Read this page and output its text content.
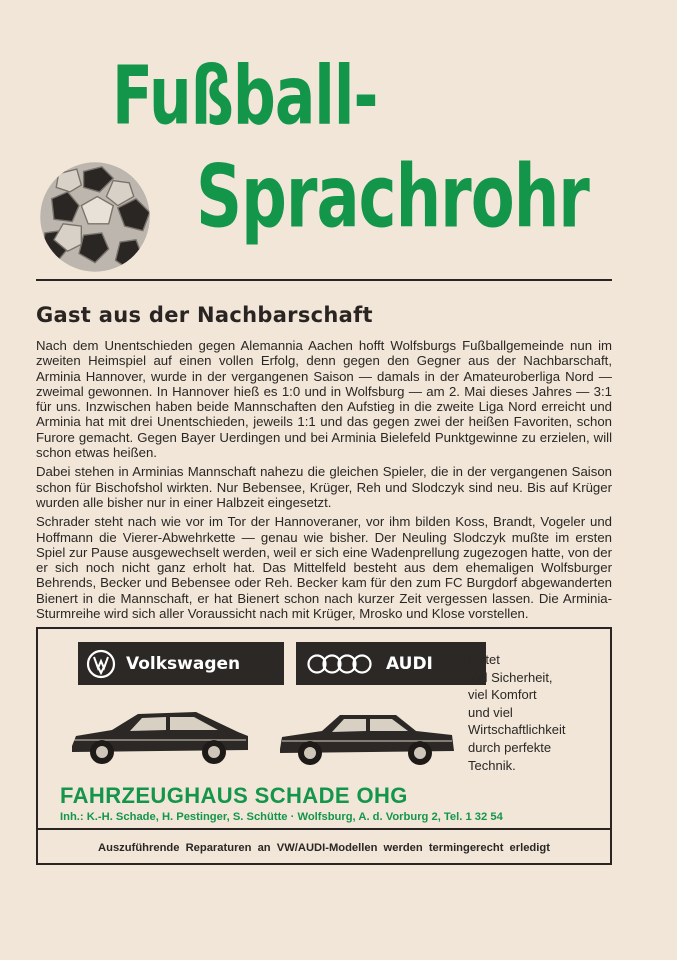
Fußball-
Sprachrohr
Gast aus der Nachbarschaft

Nach dem Unentschieden gegen Alemannia Aachen hofft Wolfsburgs Fußballgemeinde nun im zweiten Heimspiel auf einen vollen Erfolg, denn gegen den Gegner aus der Nachbarschaft, Arminia Hannover, wurde in der vergangenen Saison — damals in der Amateuroberliga Nord — zweimal gewonnen. In Hannover hieß es 1:0 und in Wolfsburg — am 2. Mai dieses Jahres — 3:1 für uns. Inzwischen haben beide Mannschaften den Aufstieg in die zweite Liga Nord erreicht und Arminia hat mit drei Unentschieden, jeweils 1:1 und das gegen zwei der heißen Favoriten, schon Furore gemacht. Gegen Bayer Uerdingen und bei Arminia Bielefeld Punktgewinne zu erzielen, will schon etwas heißen.

Dabei stehen in Arminias Mannschaft nahezu die gleichen Spieler, die in der vergangenen Saison schon für Bischofshol wirkten. Nur Bebensee, Krüger, Reh und Slodczyk sind neu. Bis auf Krüger wurden alle bisher nur in einer Halbzeit eingesetzt.

Schrader steht nach wie vor im Tor der Hannoveraner, vor ihm bilden Koss, Brandt, Vogeler und Hoffmann die Vierer-Abwehrkette — genau wie bisher. Der Neuling Slodczyk mußte im ersten Spiel zur Pause ausgewechselt werden, weil er sich eine Wadenprellung zugezogen hatte, von der er sich noch nicht ganz erholt hat. Das Mittelfeld besteht aus dem ehemaligen Wolfsburger Behrends, Becker und Bebensee oder Reh. Becker kam für den zum FC Burgdorf abgewanderten Bienert in die Mannschaft, er hat Bienert schon nach kurzer Zeit vergessen lassen. Die Arminia-Sturmreihe wird sich aller Voraussicht nach mit Krüger, Mrosko und Klose vorstellen.

Volkswagen	AUDI	bietet
viel Sicherheit,
viel Komfort
und viel
Wirtschaftlichkeit
durch perfekte
Technik.
FAHRZEUGHAUS SCHADE OHG
Inh.: K.-H. Schade, H. Pestinger, S. Schütte · Wolfsburg, A. d. Vorburg 2, Tel. 1 32 54
Auszuführende Reparaturen an VW/AUDI-Modellen werden termingerecht erledigt
